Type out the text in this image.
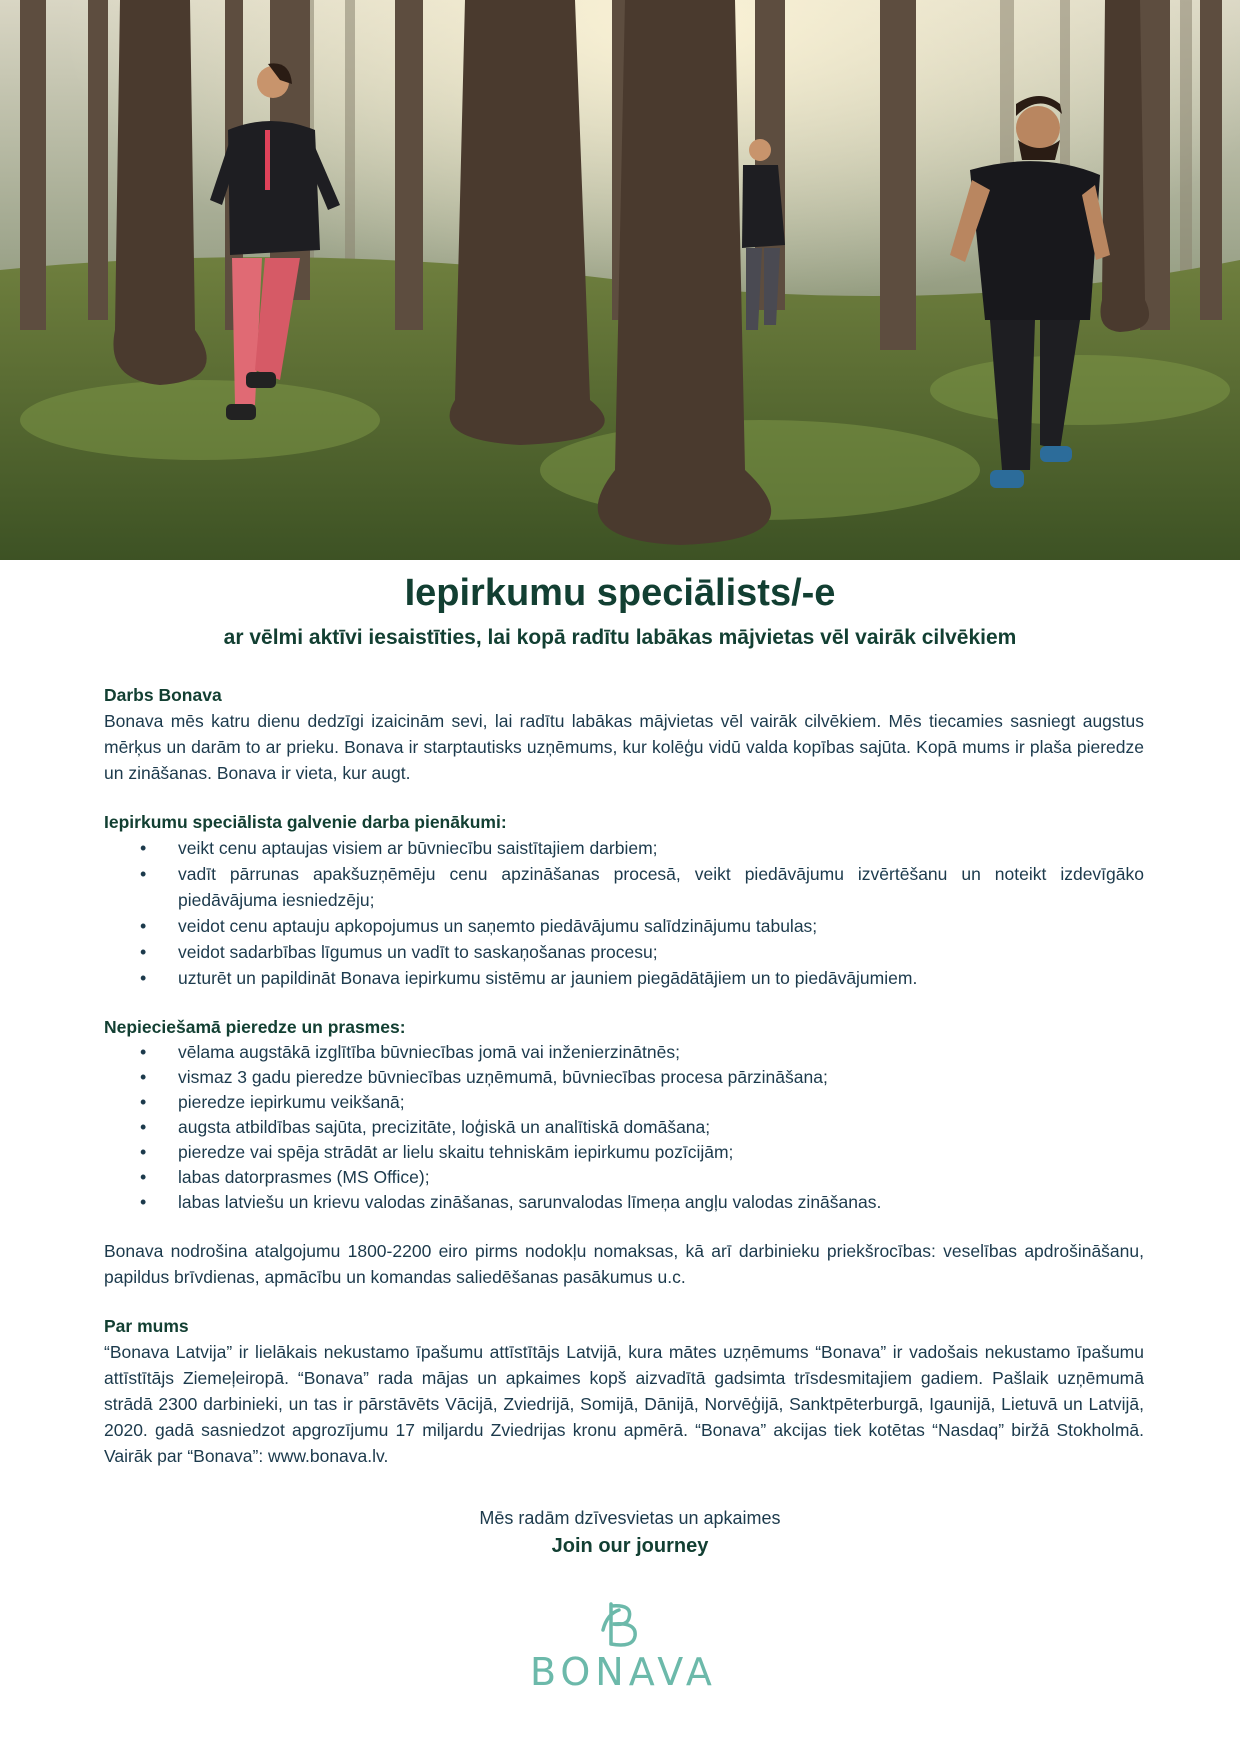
Iepirkumu speciālists/-e
ar vēlmi aktīvi iesaistīties, lai kopā radītu labākas mājvietas vēl vairāk cilvēkiem
Darbs Bonava

Bonava mēs katru dienu dedzīgi izaicinām sevi, lai radītu labākas mājvietas vēl vairāk cilvēkiem. Mēs tiecamies sasniegt augstus mērķus un darām to ar prieku. Bonava ir starptautisks uzņēmums, kur kolēģu vidū valda kopības sajūta. Kopā mums ir plaša pieredze un zināšanas. Bonava ir vieta, kur augt.

Iepirkumu speciālista galvenie darba pienākumi:
• veikt cenu aptaujas visiem ar būvniecību saistītajiem darbiem;
• vadīt pārrunas apakšuzņēmēju cenu apzināšanas procesā, veikt piedāvājumu izvērtēšanu un noteikt izdevīgāko piedāvājuma iesniedzēju;
• veidot cenu aptauju apkopojumus un saņemto piedāvājumu salīdzinājumu tabulas;
• veidot sadarbības līgumus un vadīt to saskaņošanas procesu;
• uzturēt un papildināt Bonava iepirkumu sistēmu ar jauniem piegādātājiem un to piedāvājumiem.
Nepieciešamā pieredze un prasmes:
• vēlama augstākā izglītība būvniecības jomā vai inženierzinātnēs;
• vismaz 3 gadu pieredze būvniecības uzņēmumā, būvniecības procesa pārzināšana;
• pieredze iepirkumu veikšanā;
• augsta atbildības sajūta, precizitāte, loģiskā un analītiskā domāšana;
• pieredze vai spēja strādāt ar lielu skaitu tehniskām iepirkumu pozīcijām;
• labas datorprasmes (MS Office);
• labas latviešu un krievu valodas zināšanas, sarunvalodas līmeņa angļu valodas zināšanas.

Bonava nodrošina atalgojumu 1800-2200 eiro pirms nodokļu nomaksas, kā arī darbinieku priekšrocības: veselības apdrošināšanu, papildus brīvdienas, apmācību un komandas saliedēšanas pasākumus u.c.

Par mums

“Bonava Latvija” ir lielākais nekustamo īpašumu attīstītājs Latvijā, kura mātes uzņēmums “Bonava” ir vadošais nekustamo īpašumu attīstītājs Ziemeļeiropā. “Bonava” rada mājas un apkaimes kopš aizvadītā gadsimta trīsdesmitajiem gadiem. Pašlaik uzņēmumā strādā 2300 darbinieki, un tas ir pārstāvēts Vācijā, Zviedrijā, Somijā, Dānijā, Norvēģijā, Sanktpēterburgā, Igaunijā, Lietuvā un Latvijā, 2020. gadā sasniedzot apgrozījumu 17 miljardu Zviedrijas kronu apmērā. “Bonava” akcijas tiek kotētas “Nasdaq” biržā Stokholmā. Vairāk par “Bonava”: www.bonava.lv.

Mēs radām dzīvesvietas un apkaimes
Join our journey
BONAVA
